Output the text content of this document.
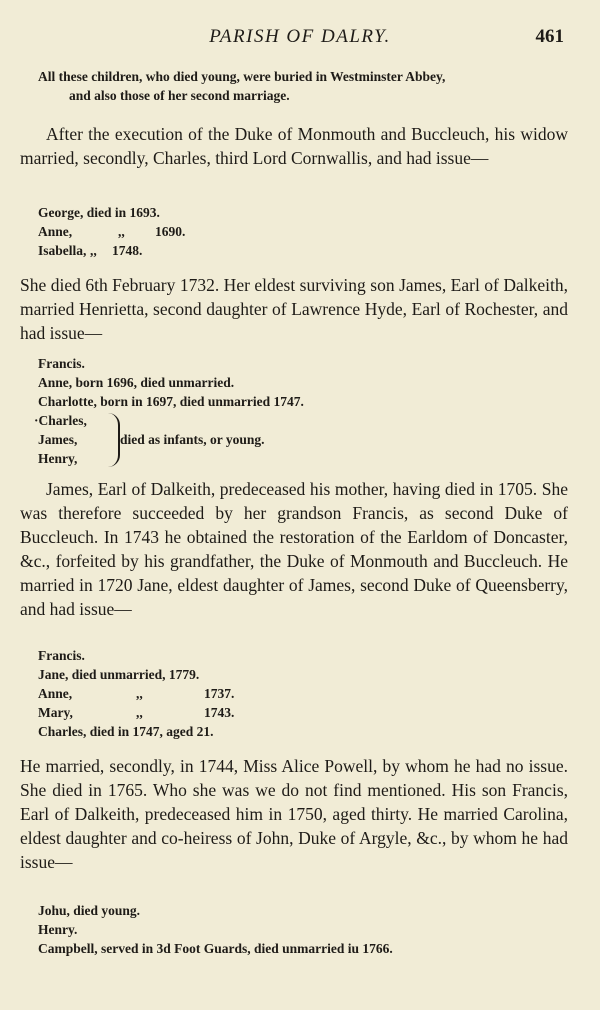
PARISH OF DALRY.	461

All these children, who died young, were buried in Westminster Abbey,

and also those of her second marriage.

After the execution of the Duke of Monmouth and Buccleuch, his widow married, secondly, Charles, third Lord Cornwallis, and had issue—

George, died in 1693.
Anne,	,, 1690.
Isabella, ,, 1748.

She died 6th February 1732. Her eldest surviving son James, Earl of Dalkeith, married Henrietta, second daughter of Lawrence Hyde, Earl of Rochester, and had issue—

Francis.
Anne, born 1696, died unmarried.
Charlotte, born in 1697, died unmarried 1747.
·Charles,
James,
Henry,
died as infants, or young.

James, Earl of Dalkeith, predeceased his mother, having died in 1705. She was therefore succeeded by her grandson Francis, as second Duke of Buccleuch. In 1743 he obtained the restoration of the Earldom of Doncaster, &c., forfeited by his grandfather, the Duke of Monmouth and Buccleuch. He married in 1720 Jane, eldest daughter of James, second Duke of Queensberry, and had issue—

Francis.
Jane, died unmarried, 1779.
Anne,	,,	1737.
Mary,	,,	1743.
Charles, died in 1747, aged 21.

He married, secondly, in 1744, Miss Alice Powell, by whom he had no issue. She died in 1765. Who she was we do not find mentioned. His son Francis, Earl of Dalkeith, predeceased him in 1750, aged thirty. He married Carolina, eldest daughter and co-heiress of John, Duke of Argyle, &c., by whom he had issue—

Johu, died young.
Henry.
Campbell, served in 3d Foot Guards, died unmarried iu 1766.
